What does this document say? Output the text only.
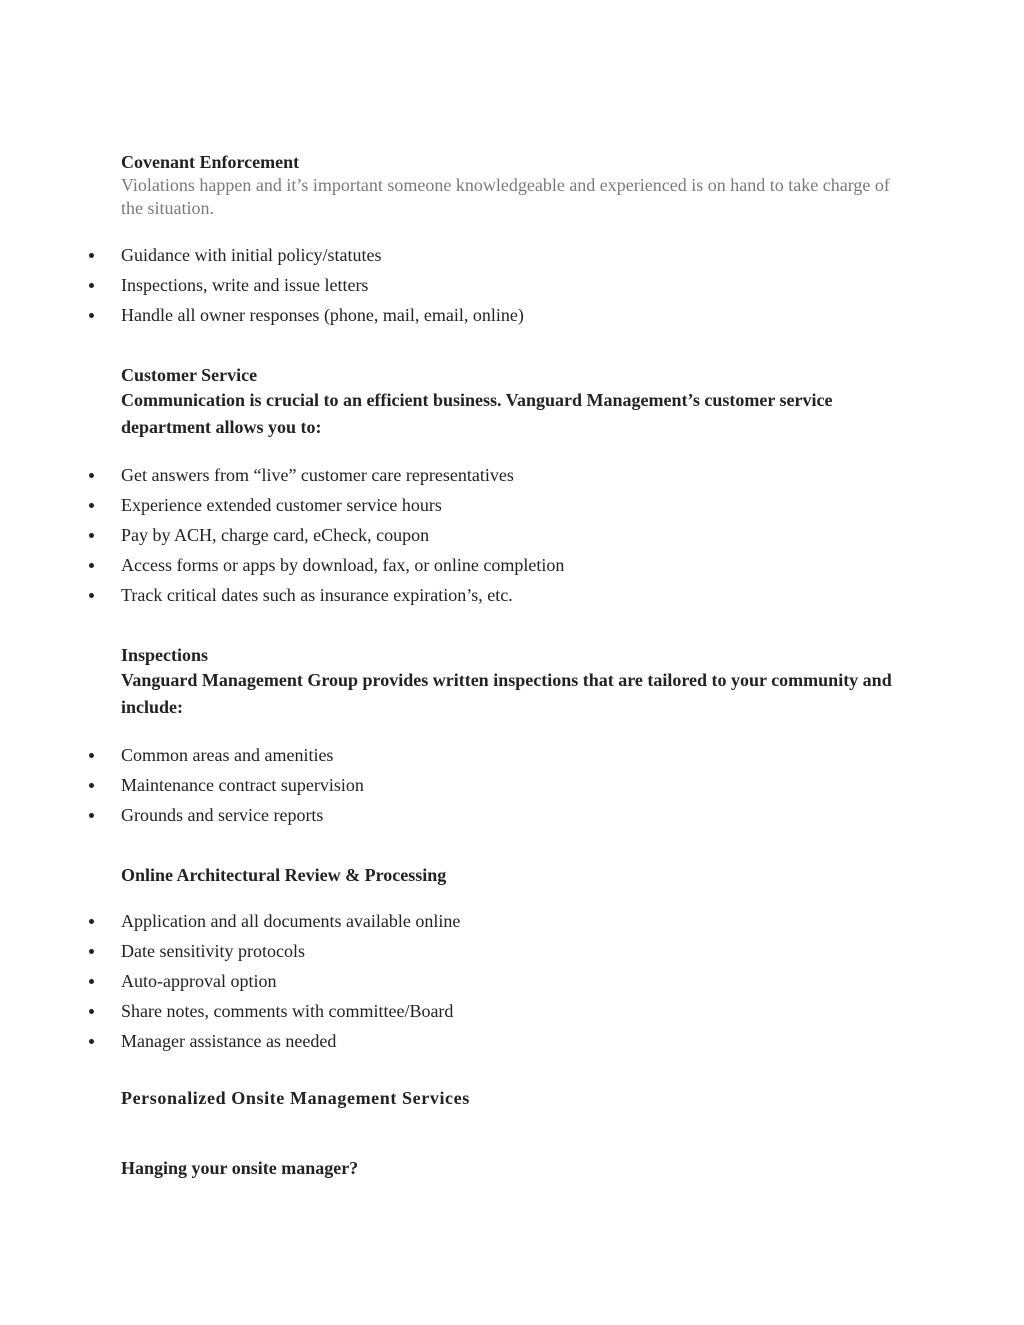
Covenant Enforcement

Violations happen and it’s important someone knowledgeable and experienced is on hand to take charge of the situation.

Guidance with initial policy/statutes
Inspections, write and issue letters
Handle all owner responses (phone, mail, email, online)

Customer Service

Communication is crucial to an efficient business. Vanguard Management’s customer service department allows you to:

Get answers from “live” customer care representatives
Experience extended customer service hours
Pay by ACH, charge card, eCheck, coupon
Access forms or apps by download, fax, or online completion
Track critical dates such as insurance expiration’s, etc.

Inspections

Vanguard Management Group provides written inspections that are tailored to your community and include:

Common areas and amenities
Maintenance contract supervision
Grounds and service reports

Online Architectural Review & Processing

Application and all documents available online
Date sensitivity protocols
Auto-approval option
Share notes, comments with committee/Board
Manager assistance as needed

Personalized Onsite Management Services

Hanging your onsite manager?
